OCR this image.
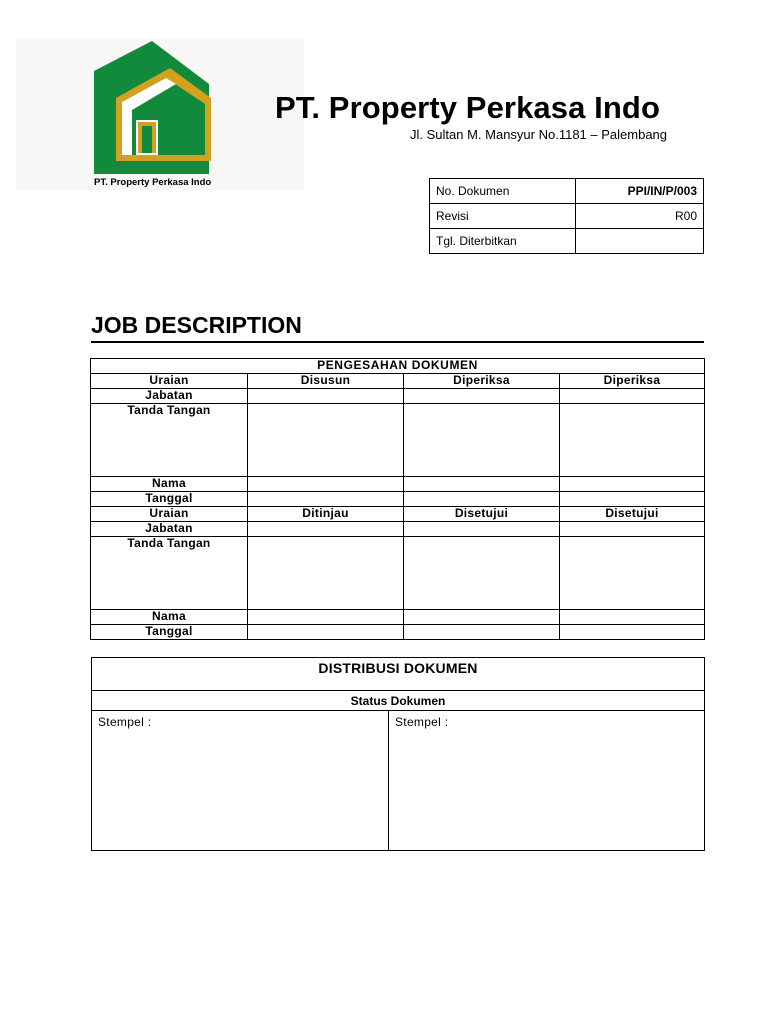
PT. Property Perkasa Indo
PT. Property Perkasa Indo
Jl. Sultan M. Mansyur No.1181 – Palembang
No. Dokumen	PPI/IN/P/003
Revisi	R00
Tgl. Diterbitkan	
JOB DESCRIPTION
PENGESAHAN DOKUMEN			
Uraian	Disusun	Diperiksa	Diperiksa
Jabatan			
Tanda Tangan			
Nama			
Tanggal			
Uraian	Ditinjau	Disetujui	Disetujui
Jabatan			
Tanda Tangan			
Nama			
Tanggal			
DISTRIBUSI DOKUMEN
Status Dokumen
Stempel :	Stempel :
